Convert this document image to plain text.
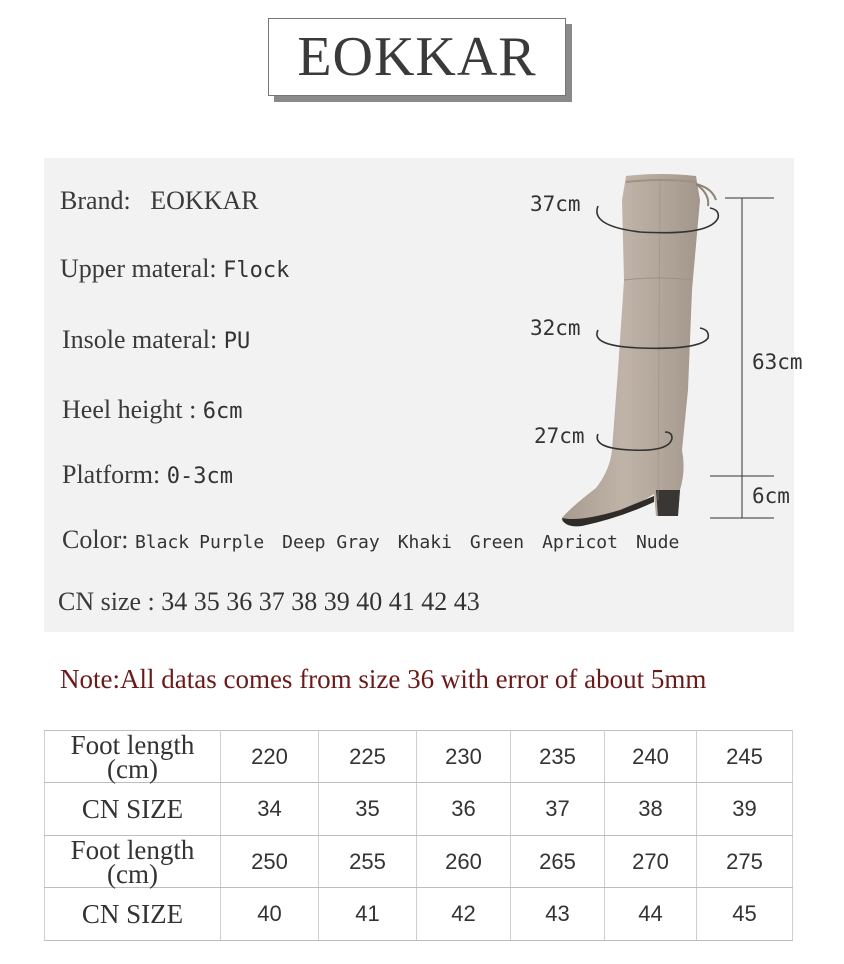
EOKKAR
Brand: EOKKAR
Upper materal: Flock
Insole materal: PU
Heel height : 6cm
Platform: 0-3cm
Color: Black Purple Deep Gray Khaki Green Apricot Nude
CN size : 34 35 36 37 38 39 40 41 42 43
37cm
32cm
27cm
63cm
6cm
Note:All datas comes from size 36 with error of about 5mm
Foot length
(cm)	220	225	230	235	240	245
CN SIZE	34	35	36	37	38	39
Foot length
(cm)	250	255	260	265	270	275
CN SIZE	40	41	42	43	44	45
